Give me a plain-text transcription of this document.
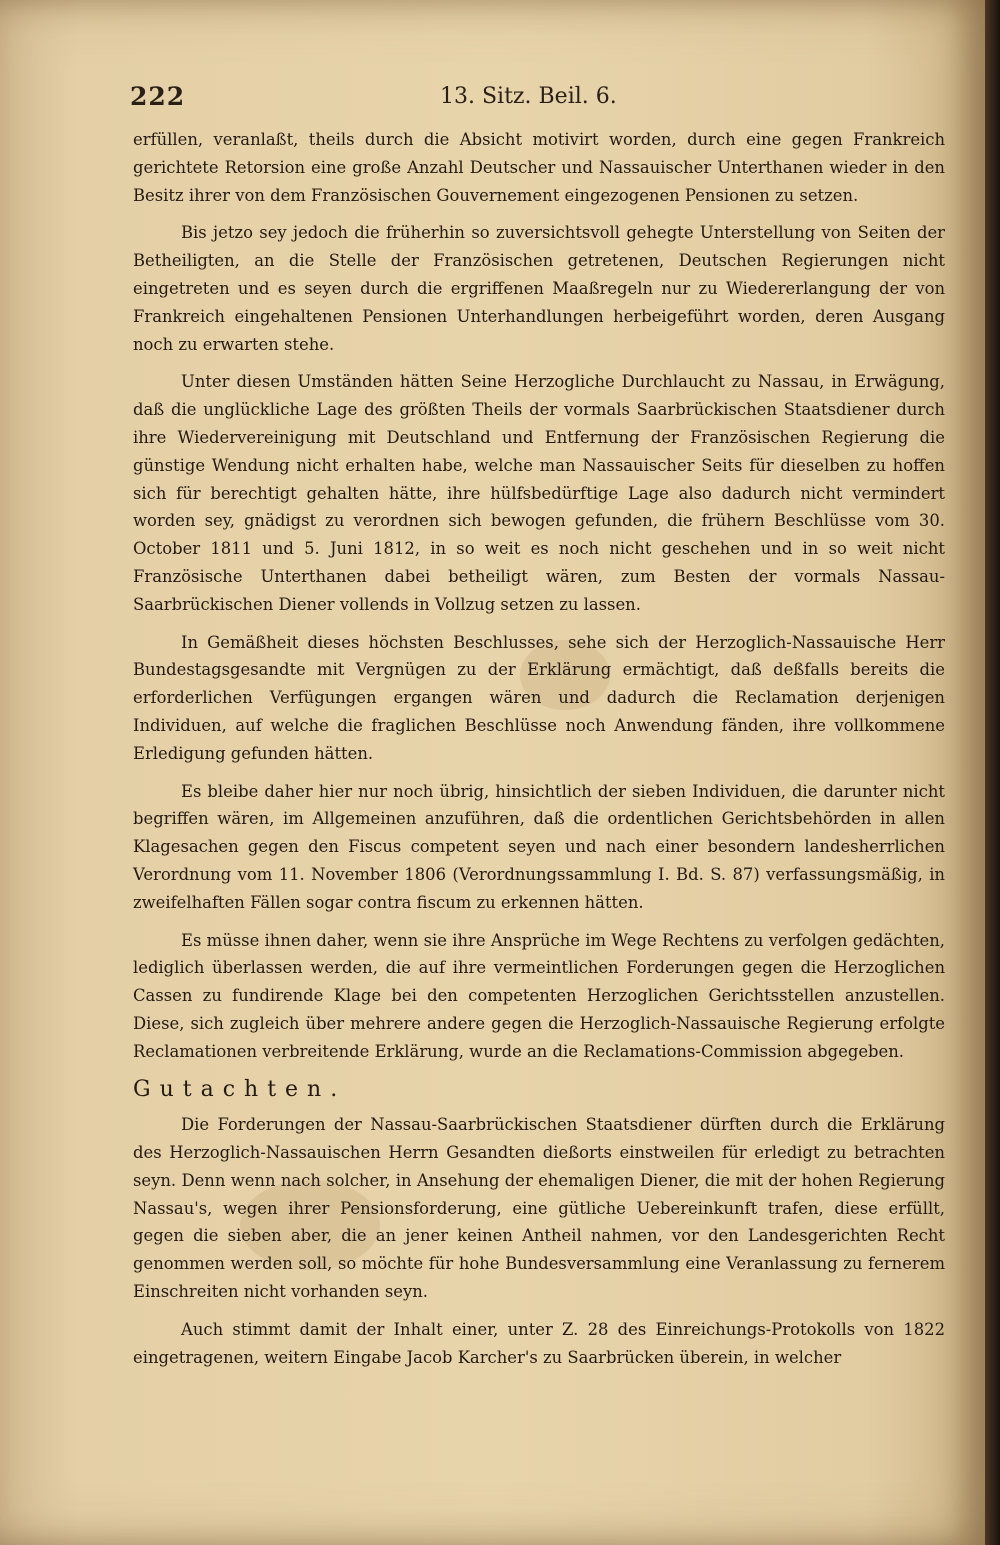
222	13. Sitz. Beil. 6.

erfüllen, veranlaßt, theils durch die Absicht motivirt worden, durch eine gegen Frankreich gerichtete Retorsion eine große Anzahl Deutscher und Nassauischer Unterthanen wieder in den Besitz ihrer von dem Französischen Gouvernement eingezogenen Pensionen zu setzen.

Bis jetzo sey jedoch die früherhin so zuversichtsvoll gehegte Unterstellung von Seiten der Betheiligten, an die Stelle der Französischen getretenen, Deutschen Regierungen nicht eingetreten und es seyen durch die ergriffenen Maaßregeln nur zu Wiedererlangung der von Frankreich eingehaltenen Pensionen Unterhandlungen herbeigeführt worden, deren Ausgang noch zu erwarten stehe.

Unter diesen Umständen hätten Seine Herzogliche Durchlaucht zu Nassau, in Erwägung, daß die unglückliche Lage des größten Theils der vormals Saarbrückischen Staatsdiener durch ihre Wiedervereinigung mit Deutschland und Entfernung der Französischen Regierung die günstige Wendung nicht erhalten habe, welche man Nassauischer Seits für dieselben zu hoffen sich für berechtigt gehalten hätte, ihre hülfsbedürftige Lage also dadurch nicht vermindert worden sey, gnädigst zu verordnen sich bewogen gefunden, die frühern Beschlüsse vom 30. October 1811 und 5. Juni 1812, in so weit es noch nicht geschehen und in so weit nicht Französische Unterthanen dabei betheiligt wären, zum Besten der vormals Nassau-Saarbrückischen Diener vollends in Vollzug setzen zu lassen.

In Gemäßheit dieses höchsten Beschlusses, sehe sich der Herzoglich-Nassauische Herr Bundestagsgesandte mit Vergnügen zu der Erklärung ermächtigt, daß deßfalls bereits die erforderlichen Verfügungen ergangen wären und dadurch die Reclamation derjenigen Individuen, auf welche die fraglichen Beschlüsse noch Anwendung fänden, ihre vollkommene Erledigung gefunden hätten.

Es bleibe daher hier nur noch übrig, hinsichtlich der sieben Individuen, die darunter nicht begriffen wären, im Allgemeinen anzuführen, daß die ordentlichen Gerichtsbehörden in allen Klagesachen gegen den Fiscus competent seyen und nach einer besondern landesherrlichen Verordnung vom 11. November 1806 (Verordnungssammlung I. Bd. S. 87) verfassungsmäßig, in zweifelhaften Fällen sogar contra fiscum zu erkennen hätten.

Es müsse ihnen daher, wenn sie ihre Ansprüche im Wege Rechtens zu verfolgen gedächten, lediglich überlassen werden, die auf ihre vermeintlichen Forderungen gegen die Herzoglichen Cassen zu fundirende Klage bei den competenten Herzoglichen Gerichtsstellen anzustellen. Diese, sich zugleich über mehrere andere gegen die Herzoglich-Nassauische Regierung erfolgte Reclamationen verbreitende Erklärung, wurde an die Reclamations-Commission abgegeben.

Gutachten.

Die Forderungen der Nassau-Saarbrückischen Staatsdiener dürften durch die Erklärung des Herzoglich-Nassauischen Herrn Gesandten dießorts einstweilen für erledigt zu betrachten seyn. Denn wenn nach solcher, in Ansehung der ehemaligen Diener, die mit der hohen Regierung Nassau's, wegen ihrer Pensionsforderung, eine gütliche Uebereinkunft trafen, diese erfüllt, gegen die sieben aber, die an jener keinen Antheil nahmen, vor den Landesgerichten Recht genommen werden soll, so möchte für hohe Bundesversammlung eine Veranlassung zu fernerem Einschreiten nicht vorhanden seyn.

Auch stimmt damit der Inhalt einer, unter Z. 28 des Einreichungs-Protokolls von 1822 eingetragenen, weitern Eingabe Jacob Karcher's zu Saarbrücken überein, in welcher
